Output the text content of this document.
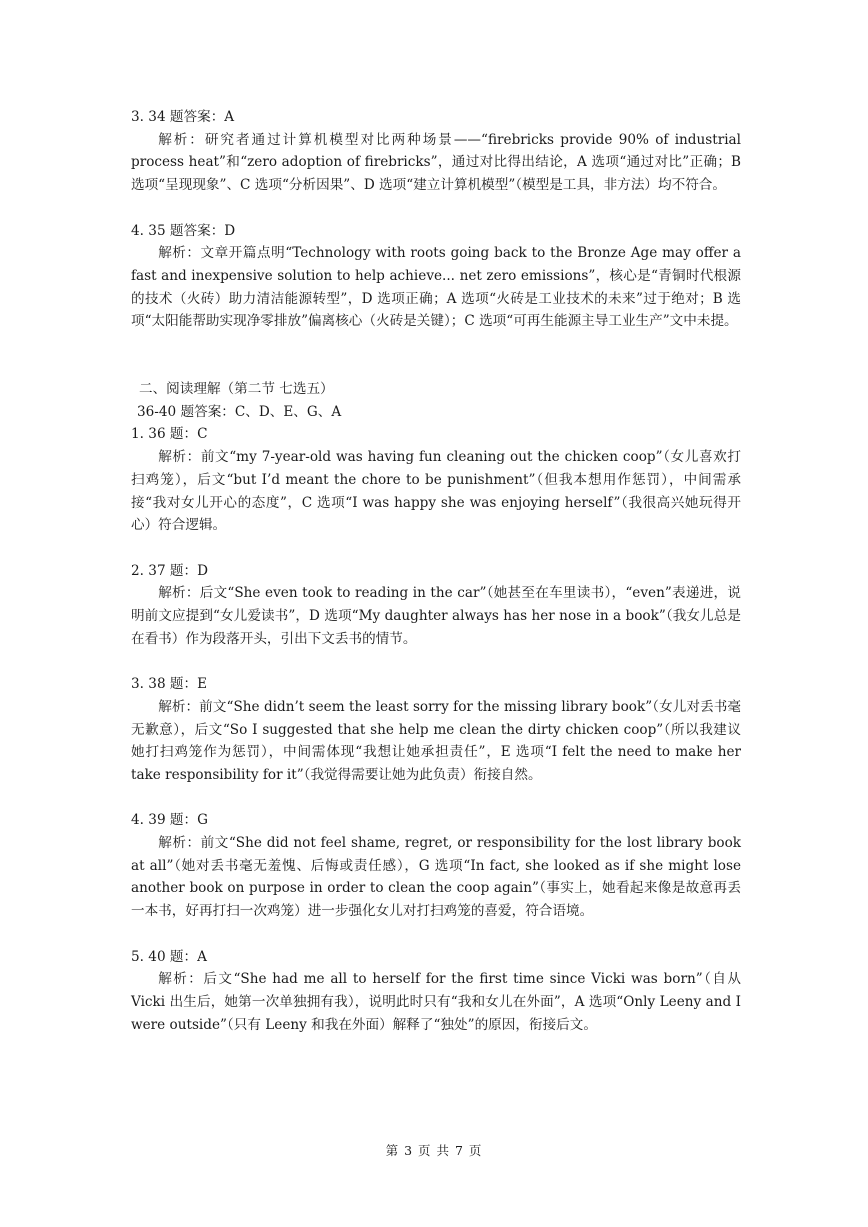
3. 34 题答案：A

解析：研究者通过计算机模型对比两种场景——“firebricks provide 90% of industrial process heat”和“zero adoption of firebricks”，通过对比得出结论，A 选项“通过对比”正确；B 选项“呈现现象”、C 选项“分析因果”、D 选项“建立计算机模型”（模型是工具，非方法）均不符合。

4. 35 题答案：D

解析：文章开篇点明“Technology with roots going back to the Bronze Age may offer a fast and inexpensive solution to help achieve... net zero emissions”，核心是“青铜时代根源的技术（火砖）助力清洁能源转型”，D 选项正确；A 选项“火砖是工业技术的未来”过于绝对；B 选项“太阳能帮助实现净零排放”偏离核心（火砖是关键）；C 选项“可再生能源主导工业生产”文中未提。

二、阅读理解（第二节 七选五）

36-40 题答案：C、D、E、G、A

1. 36 题：C

解析：前文“my 7-year-old was having fun cleaning out the chicken coop”（女儿喜欢打扫鸡笼），后文“but I’d meant the chore to be punishment”（但我本想用作惩罚），中间需承接“我对女儿开心的态度”，C 选项“I was happy she was enjoying herself”（我很高兴她玩得开心）符合逻辑。

2. 37 题：D

解析：后文“She even took to reading in the car”（她甚至在车里读书），“even”表递进，说明前文应提到“女儿爱读书”，D 选项“My daughter always has her nose in a book”（我女儿总是在看书）作为段落开头，引出下文丢书的情节。

3. 38 题：E

解析：前文“She didn’t seem the least sorry for the missing library book”（女儿对丢书毫无歉意），后文“So I suggested that she help me clean the dirty chicken coop”（所以我建议她打扫鸡笼作为惩罚），中间需体现“我想让她承担责任”，E 选项“I felt the need to make her take responsibility for it”（我觉得需要让她为此负责）衔接自然。

4. 39 题：G

解析：前文“She did not feel shame, regret, or responsibility for the lost library book at all”（她对丢书毫无羞愧、后悔或责任感），G 选项“In fact, she looked as if she might lose another book on purpose in order to clean the coop again”（事实上，她看起来像是故意再丢一本书，好再打扫一次鸡笼）进一步强化女儿对打扫鸡笼的喜爱，符合语境。

5. 40 题：A

解析：后文“She had me all to herself for the first time since Vicki was born”（自从 Vicki 出生后，她第一次单独拥有我），说明此时只有“我和女儿在外面”，A 选项“Only Leeny and I were outside”（只有 Leeny 和我在外面）解释了“独处”的原因，衔接后文。

第 3 页 共 7 页
